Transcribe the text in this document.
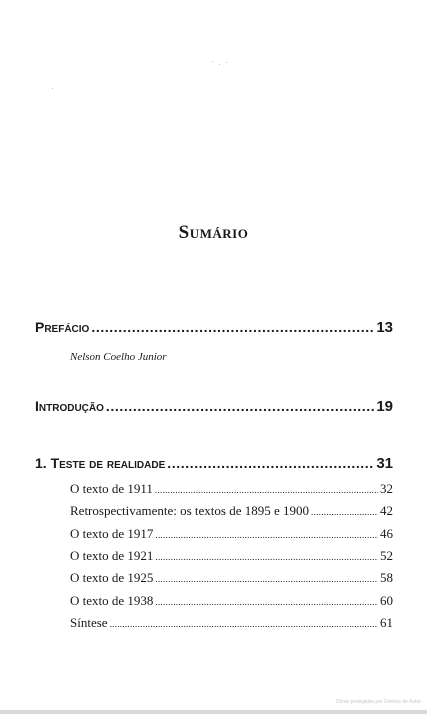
Sumário
Prefácio .....	13
Nelson Coelho Junior
Introdução .....	19
1. Teste de realidade .....	31
O texto de 1911 .....	32
Retrospectivamente: os textos de 1895 e 1900 .....	42
O texto de 1917 .....	46
O texto de 1921 .....	52
O texto de 1925 .....	58
O texto de 1938 .....	60
Síntese .....	61
Obras protegidas por Direitos de Autor
